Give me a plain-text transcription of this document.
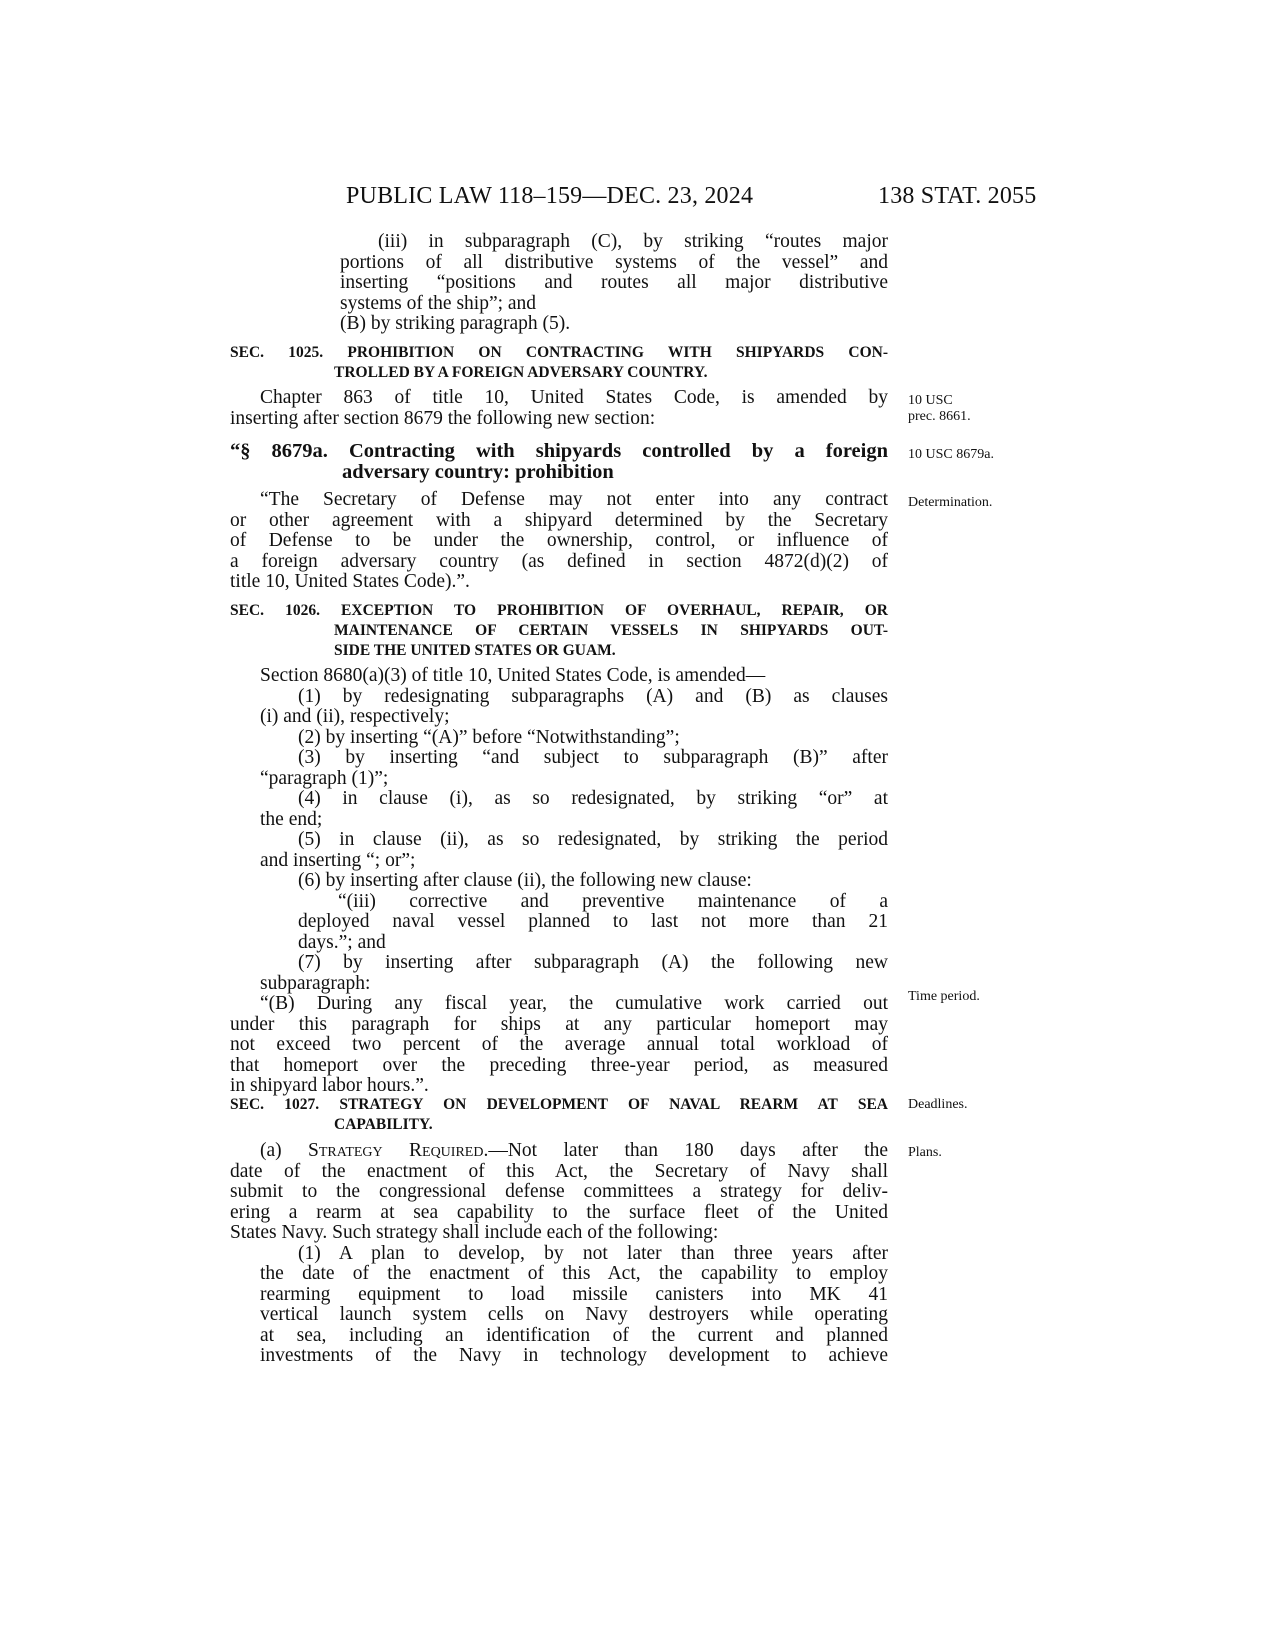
PUBLIC LAW 118–159—DEC. 23, 2024	138 STAT. 2055

(iii) in subparagraph (C), by striking “routes major

portions of all distributive systems of the vessel” and

inserting “positions and routes all major distributive

systems of the ship”; and

(B) by striking paragraph (5).

SEC. 1025. PROHIBITION ON CONTRACTING WITH SHIPYARDS CON-

TROLLED BY A FOREIGN ADVERSARY COUNTRY.

Chapter 863 of title 10, United States Code, is amended by

inserting after section 8679 the following new section:

“§ 8679a. Contracting with shipyards controlled by a foreign

adversary country: prohibition

“The Secretary of Defense may not enter into any contract

or other agreement with a shipyard determined by the Secretary

of Defense to be under the ownership, control, or influence of

a foreign adversary country (as defined in section 4872(d)(2) of

title 10, United States Code).”.

SEC. 1026. EXCEPTION TO PROHIBITION OF OVERHAUL, REPAIR, OR

MAINTENANCE OF CERTAIN VESSELS IN SHIPYARDS OUT-

SIDE THE UNITED STATES OR GUAM.

Section 8680(a)(3) of title 10, United States Code, is amended—

(1) by redesignating subparagraphs (A) and (B) as clauses

(i) and (ii), respectively;

(2) by inserting “(A)” before “Notwithstanding”;

(3) by inserting “and subject to subparagraph (B)” after

“paragraph (1)”;

(4) in clause (i), as so redesignated, by striking “or” at

the end;

(5) in clause (ii), as so redesignated, by striking the period

and inserting “; or”;

(6) by inserting after clause (ii), the following new clause:

“(iii) corrective and preventive maintenance of a

deployed naval vessel planned to last not more than 21

days.”; and

(7) by inserting after subparagraph (A) the following new

subparagraph:

“(B) During any fiscal year, the cumulative work carried out

under this paragraph for ships at any particular homeport may

not exceed two percent of the average annual total workload of

that homeport over the preceding three-year period, as measured

in shipyard labor hours.”.

SEC. 1027. STRATEGY ON DEVELOPMENT OF NAVAL REARM AT SEA

CAPABILITY.

(a) Strategy Required.—Not later than 180 days after the

date of the enactment of this Act, the Secretary of Navy shall

submit to the congressional defense committees a strategy for deliv-

ering a rearm at sea capability to the surface fleet of the United

States Navy. Such strategy shall include each of the following:

(1) A plan to develop, by not later than three years after

the date of the enactment of this Act, the capability to employ

rearming equipment to load missile canisters into MK 41

vertical launch system cells on Navy destroyers while operating

at sea, including an identification of the current and planned

investments of the Navy in technology development to achieve

10 USC
prec. 8661.
10 USC 8679a.
Determination.
Time period.
Deadlines.
Plans.
